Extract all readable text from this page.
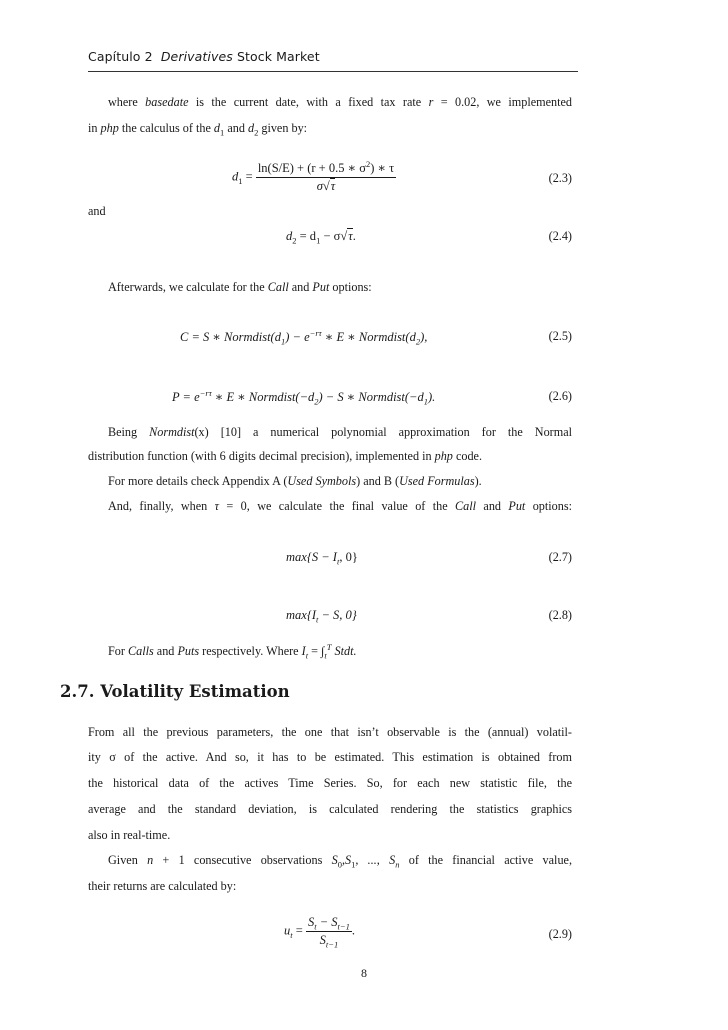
Capítulo 2 Derivatives Stock Market
where basedate is the current date, with a fixed tax rate r = 0.02, we implemented
in php the calculus of the $d_1$ and $d_2$ given by:
$d_1 = \frac{\ln(S/E) + (r + 0.5 ∗ \sigma^2) ∗ \tau}{\sigma√\tau}$	(2.3)
and
$d_2 = d_1 - \sigma√\tau$.	(2.4)
Afterwards, we calculate for the Call and Put options:
C = S ∗ $Normdist(d_1) - e^{-r\tau}$ ∗ E ∗ $Normdist(d_2)$,	(2.5)
$P = e^{-r\tau}$ ∗ E ∗ $Normdist(-d_2) - S$ ∗ $Normdist(-d_1)$.	(2.6)
Being Normdist(x) [10] a numerical polynomial approximation for the Normal
distribution function (with 6 digits decimal precision), implemented in php code.
For more details check Appendix A (Used Symbols) and B (Used Formulas).
And, finally, when τ = 0, we calculate the final value of the Call and Put options:
$\max\{S - I_t$, 0}	(2.7)
$\max\{I_t - S$, 0}	(2.8)
For Calls and Puts respectively. Where $I_t = \int_t^T$ Stdt.
2.7. Volatility Estimation
From all the previous parameters, the one that isn’t observable is the (annual) volatil-
ity σ of the active. And so, it has to be estimated. This estimation is obtained from
the historical data of the actives Time Series. So, for each new statistic file, the
average and the standard deviation, is calculated rendering the statistics graphics
also in real-time.
Given n + 1 consecutive observations $S_0,S_1$, ..., $S_n$ of the financial active value,
their returns are calculated by:
$u_t = \frac{S_t - S_{t-1}}{S_{t-1}}$ .	(2.9)
8
